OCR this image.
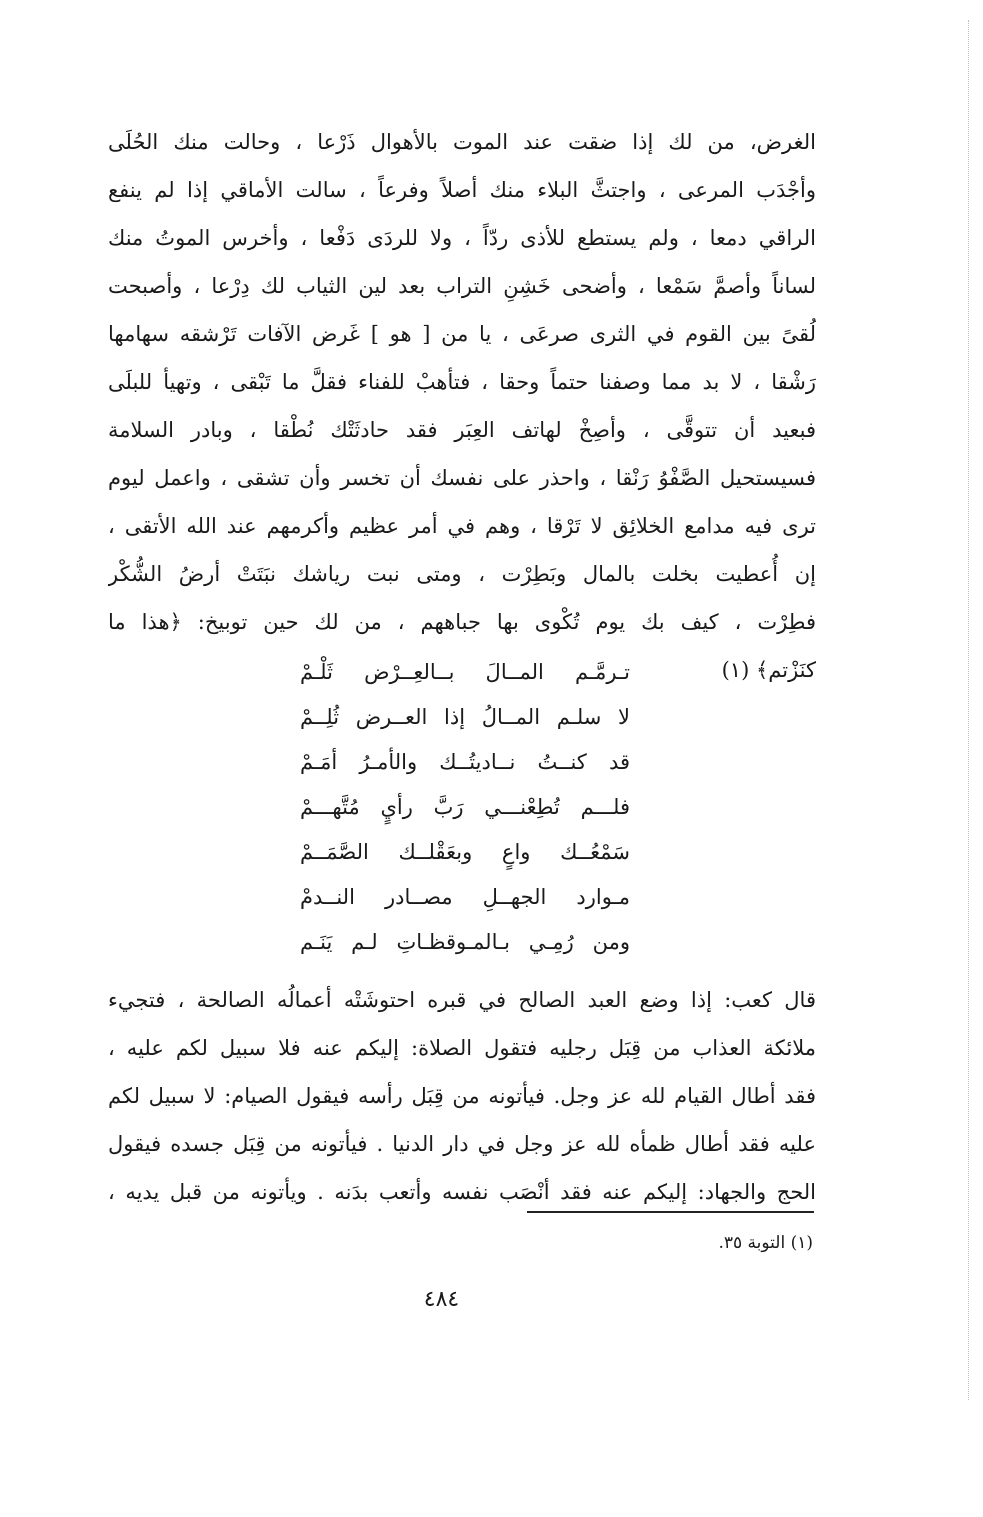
الغرض، من لك إذا ضقت عند الموت بالأهوال ذَرْعا ، وحالت منك الحُلَى
وأجْدَب المرعى ، واجتثَّ البلاء منك أصلاً وفرعاً ، سالت الأماقي إذا لم ينفع
الراقي دمعا ، ولم يستطع للأذى ردّاً ، ولا للردَى دَفْعا ، وأخرس الموتُ منك
لساناً وأصمَّ سَمْعا ، وأضحى خَشِنِ التراب بعد لين الثياب لك دِرْعا ، وأصبحت
لُقىً بين القوم في الثرى صرعَى ، يا من [ هو ] غَرض الآفات تَرْشقه سهامها
رَشْقا ، لا بد مما وصفنا حتماً وحقا ، فتأهبْ للفناء فقلَّ ما تَبْقى ، وتهيأ للبلَى
فبعيد أن تتوقَّى ، وأصِخْ لهاتف العِبَر فقد حادثَتْك نُطْقا ، وبادر السلامة
فسيستحيل الصَّفْوُ رَنْقا ، واحذر على نفسك أن تخسر وأن تشقى ، واعمل ليوم
ترى فيه مدامع الخلائِق لا تَرْقا ، وهم في أمر عظيم وأكرمهم عند الله الأتقى ،
إن أُعطيت بخلت بالمال وبَطِرْت ، ومتى نبت رياشك نبَتَتْ أرضُ الشُّكْر
فطِرْت ، كيف بك يوم تُكْوى بها جباههم ، من لك حين توبيخ: ﴿هذا ما
كنَزْتم﴾ (١)
تـرمَّـم المــالَ بــالعِــرْض ثَلْـمْ
لا سلـم المــالُ إذا العــرض ثُلِــمْ
قد كنــتُ نــاديتُــك والأمـرُ أمَـمْ
فلـــم تُطِعْنـــي رَبَّ رأيٍ مُتَّهـــمْ
سَمْعُــك واعٍ وبعَقْلــك الصَّمَــمْ
مـوارد الجهــلِ مصــادر النــدمْ
ومن رُمِـي بـالمـوقظـاتِ لـم يَنَـم
قال كعب: إذا وضع العبد الصالح في قبره احتوشَتْه أعمالُه الصالحة ، فتجيء
ملائكة العذاب من قِبَل رجليه فتقول الصلاة: إليكم عنه فلا سبيل لكم عليه ،
فقد أطال القيام لله عز وجل. فيأتونه من قِبَل رأسه فيقول الصيام: لا سبيل لكم
عليه فقد أطال ظمأه لله عز وجل في دار الدنيا . فيأتونه من قِبَل جسده فيقول
الحج والجهاد: إليكم عنه فقد أنْصَب نفسه وأتعب بدَنه . ويأتونه من قبل يديه ،
(١) التوبة ٣٥.
٤٨٤
